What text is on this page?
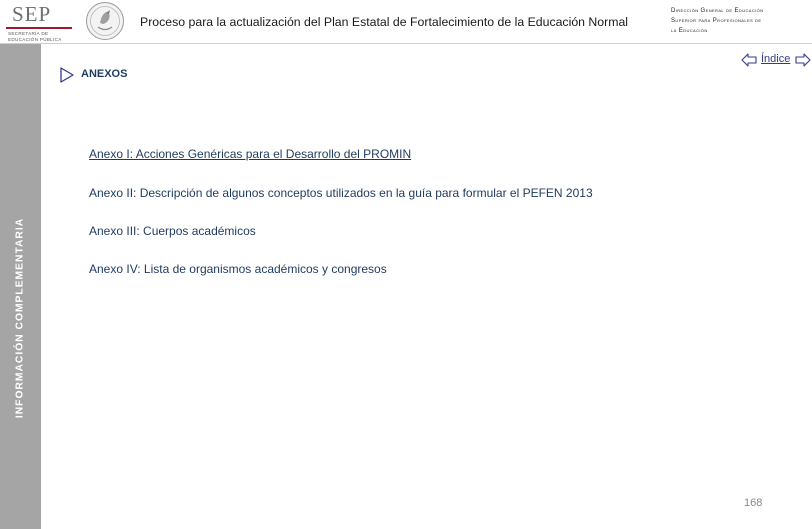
SEP
SECRETARÍA DE
EDUCACIÓN PÚBLICA
Proceso para la actualización del Plan Estatal de Fortalecimiento de la Educación Normal
Dirección General de Educación
Superior para Profesionales de
la Educación
INFORMACIÓN COMPLEMENTARIA
ANEXOS
Índice
Anexo I: Acciones Genéricas para el Desarrollo del PROMIN
Anexo II: Descripción de algunos conceptos utilizados en la guía para formular el PEFEN 2013
Anexo III: Cuerpos académicos
Anexo IV: Lista de organismos académicos y congresos
168
